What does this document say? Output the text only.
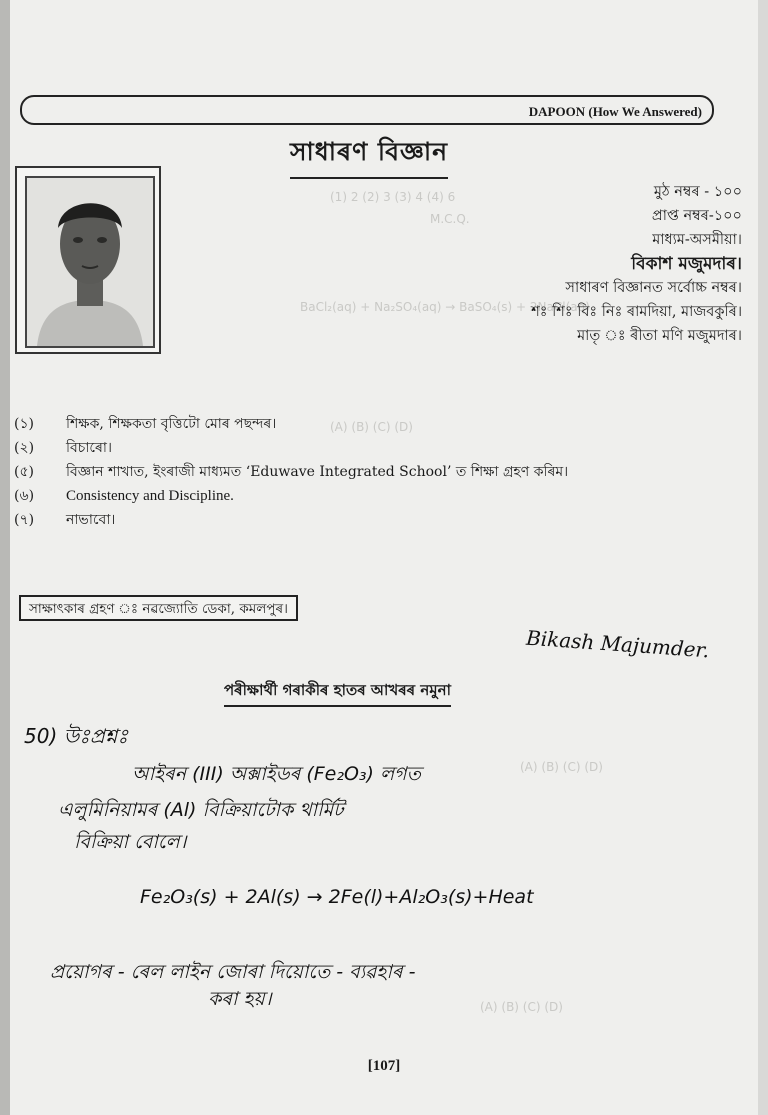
(1) 2 (2) 3 (3) 4 (4) 6
M.C.Q.
BaCl₂(aq) + Na₂SO₄(aq) → BaSO₄(s) + 2NaCl(aq)
(A) (B) (C) (D)
(A) (B) (C) (D)
(A) (B) (C) (D)
DAPOON (How We Answered)
সাধাৰণ বিজ্ঞান
মুঠ নম্বৰ - ১০০
প্ৰাপ্ত নম্বৰ-১০০
মাধ্যম-অসমীয়া।
বিকাশ মজুমদাৰ।
সাধাৰণ বিজ্ঞানত সৰ্বোচ্চ নম্বৰ।
শঃ শিঃ বিঃ নিঃ ৰামদিয়া, মাজবকুৰি।
মাতৃ ঃ ৰীতা মণি মজুমদাৰ।
(১)	শিক্ষক, শিক্ষকতা বৃত্তিটো মোৰ পছন্দৰ।
(২)	বিচাৰো।
(৫)	বিজ্ঞান শাখাত, ইংৰাজী মাধ্যমত ‘Eduwave Integrated School’ ত শিক্ষা গ্ৰহণ কৰিম।
(৬)	Consistency and Discipline.
(৭)	নাভাবো।
সাক্ষাৎকাৰ গ্ৰহণ ঃ নৱজ্যোতি ডেকা, কমলপুৰ।
Bikash Majumder.
পৰীক্ষাৰ্থী গৰাকীৰ হাতৰ আখৰৰ নমুনা
50) উঃপ্ৰশ্নঃ
আইৰন (III) অক্সাইডৰ (Fe₂O₃) লগত
এলুমিনিয়ামৰ (Al) বিক্ৰিয়াটোক থাৰ্মিট
বিক্ৰিয়া বোলে।
Fe₂O₃(s) + 2Al(s) → 2Fe(l)+Al₂O₃(s)+Heat
প্ৰয়োগৰ - ৰেল লাইন জোৰা দিয়োতে - ব্যৱহাৰ -
কৰা হয়।
[107]
